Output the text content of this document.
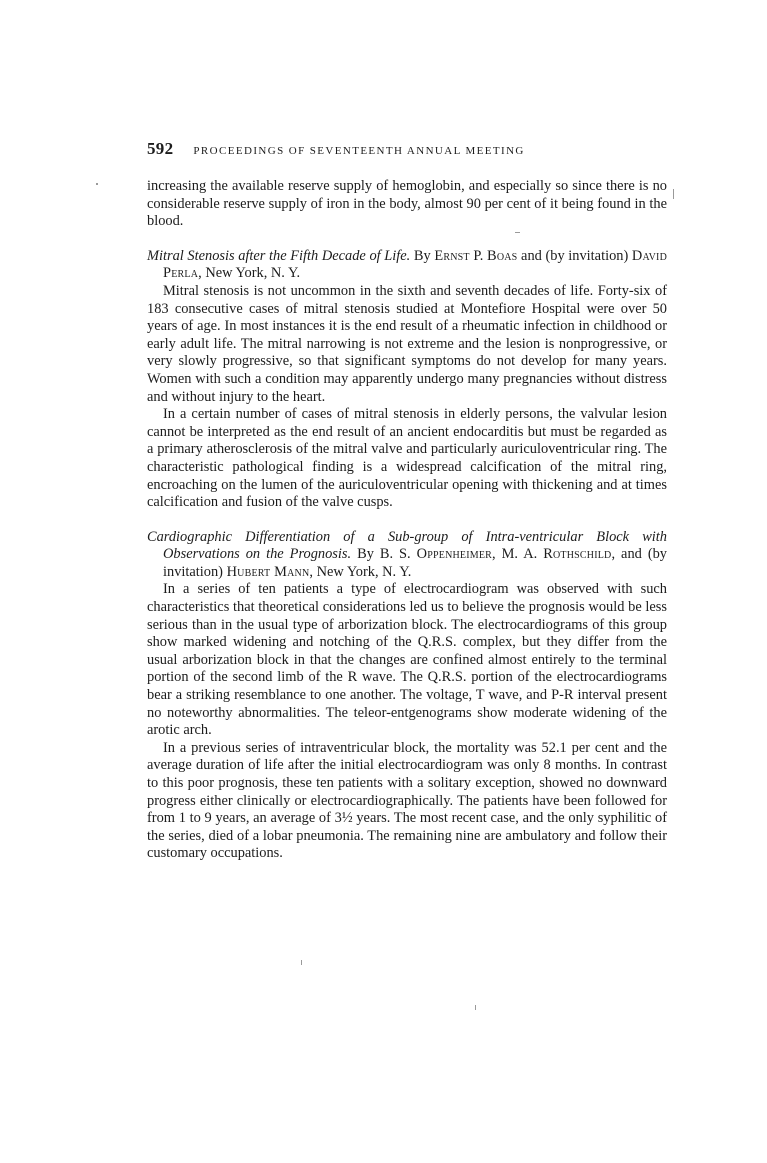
592 PROCEEDINGS OF SEVENTEENTH ANNUAL MEETING

increasing the available reserve supply of hemoglobin, and especially so since there is no considerable reserve supply of iron in the body, almost 90 per cent of it being found in the blood.

Mitral Stenosis after the Fifth Decade of Life. By Ernst P. Boas and (by invitation) David Perla, New York, N. Y.

Mitral stenosis is not uncommon in the sixth and seventh decades of life. Forty-six of 183 consecutive cases of mitral stenosis studied at Montefiore Hospital were over 50 years of age. In most instances it is the end result of a rheumatic infection in childhood or early adult life. The mitral narrowing is not extreme and the lesion is nonprogressive, or very slowly progressive, so that significant symptoms do not develop for many years. Women with such a condition may apparently undergo many pregnancies without distress and without injury to the heart.

In a certain number of cases of mitral stenosis in elderly persons, the valvular lesion cannot be interpreted as the end result of an ancient endocarditis but must be regarded as a primary atherosclerosis of the mitral valve and particularly auriculoventricular ring. The characteristic pathological finding is a widespread calcification of the mitral ring, encroaching on the lumen of the auriculoventricular opening with thickening and at times calcification and fusion of the valve cusps.

Cardiographic Differentiation of a Sub-group of Intra-ventricular Block with Observations on the Prognosis. By B. S. Oppenheimer, M. A. Rothschild, and (by invitation) Hubert Mann, New York, N. Y.

In a series of ten patients a type of electrocardiogram was observed with such characteristics that theoretical considerations led us to believe the prognosis would be less serious than in the usual type of arborization block. The electrocardiograms of this group show marked widening and notching of the Q.R.S. complex, but they differ from the usual arborization block in that the changes are confined almost entirely to the terminal portion of the second limb of the R wave. The Q.R.S. portion of the electrocardiograms bear a striking resemblance to one another. The voltage, T wave, and P-R interval present no noteworthy abnormalities. The teleor-entgenograms show moderate widening of the arotic arch.

In a previous series of intraventricular block, the mortality was 52.1 per cent and the average duration of life after the initial electrocardiogram was only 8 months. In contrast to this poor prognosis, these ten patients with a solitary exception, showed no downward progress either clinically or electrocardiographically. The patients have been followed for from 1 to 9 years, an average of 3½ years. The most recent case, and the only syphilitic of the series, died of a lobar pneumonia. The remaining nine are ambulatory and follow their customary occupations.
